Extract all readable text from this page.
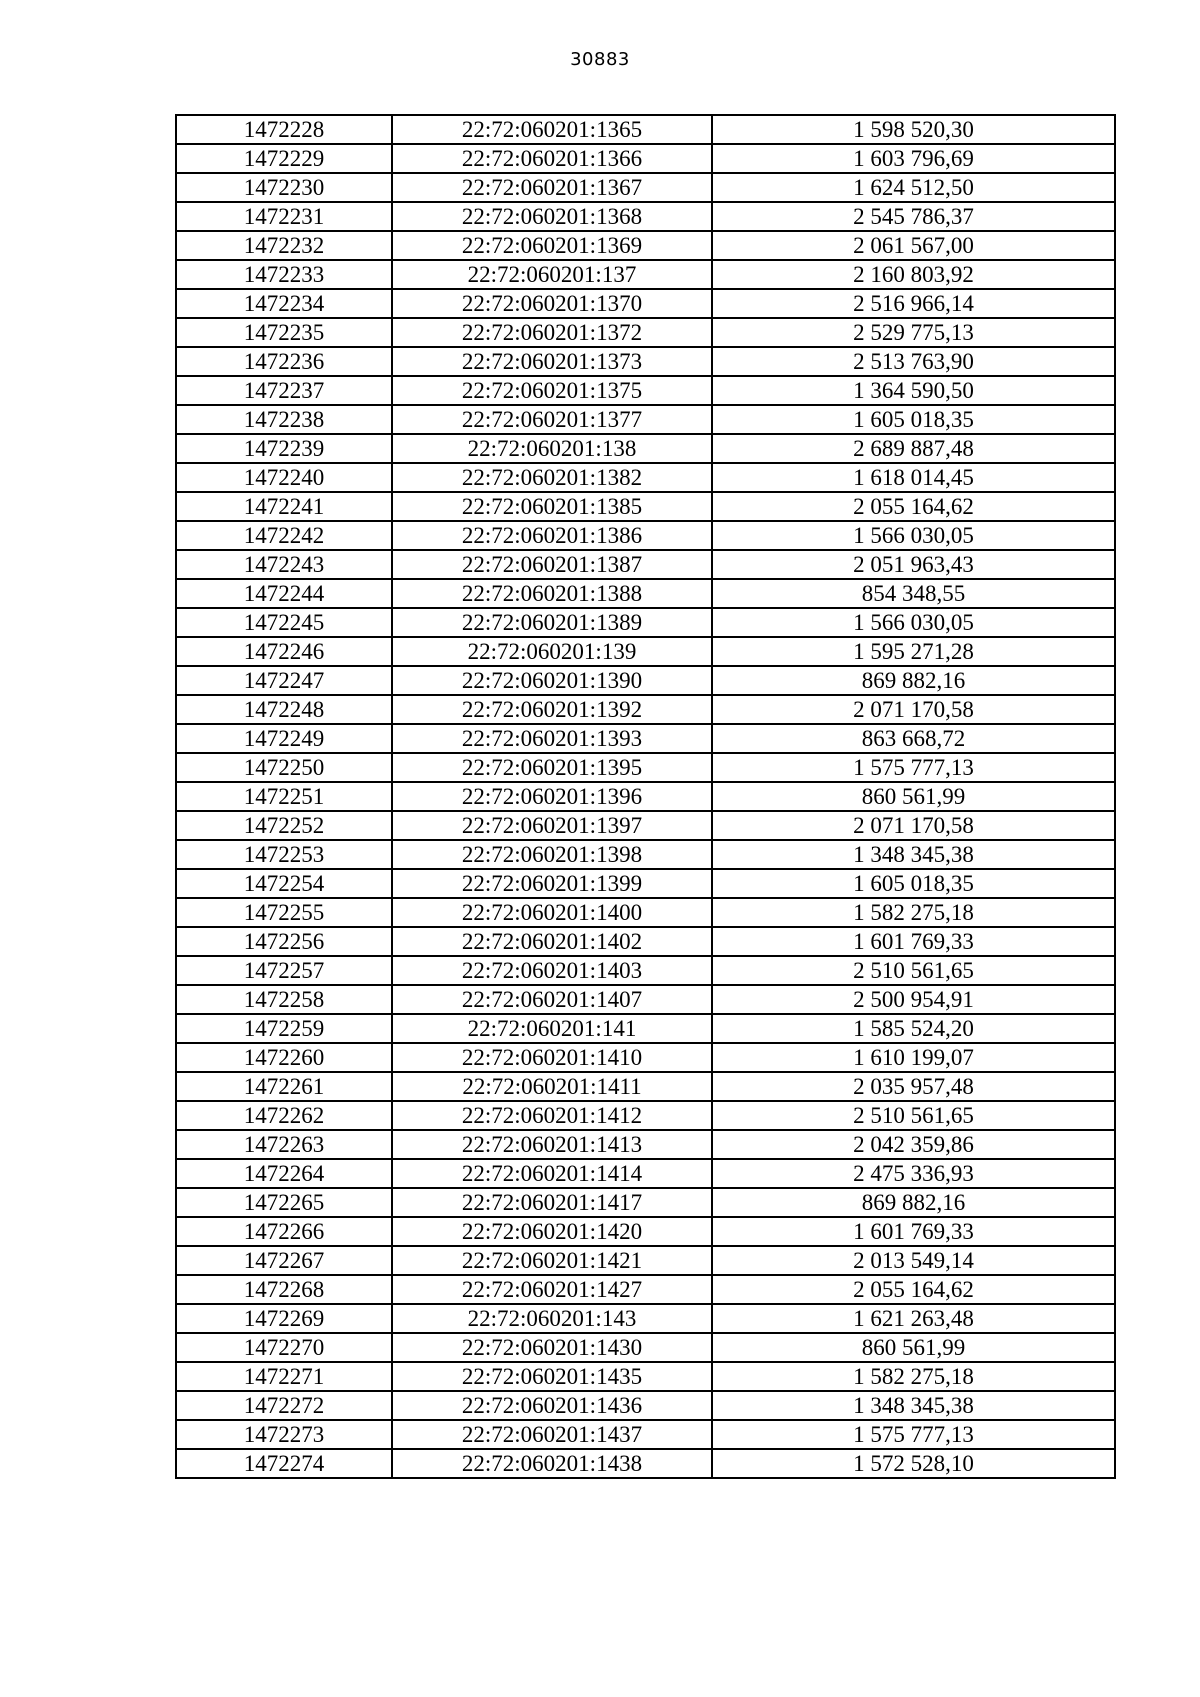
30883
1472228	22:72:060201:1365	1 598 520,30
1472229	22:72:060201:1366	1 603 796,69
1472230	22:72:060201:1367	1 624 512,50
1472231	22:72:060201:1368	2 545 786,37
1472232	22:72:060201:1369	2 061 567,00
1472233	22:72:060201:137	2 160 803,92
1472234	22:72:060201:1370	2 516 966,14
1472235	22:72:060201:1372	2 529 775,13
1472236	22:72:060201:1373	2 513 763,90
1472237	22:72:060201:1375	1 364 590,50
1472238	22:72:060201:1377	1 605 018,35
1472239	22:72:060201:138	2 689 887,48
1472240	22:72:060201:1382	1 618 014,45
1472241	22:72:060201:1385	2 055 164,62
1472242	22:72:060201:1386	1 566 030,05
1472243	22:72:060201:1387	2 051 963,43
1472244	22:72:060201:1388	854 348,55
1472245	22:72:060201:1389	1 566 030,05
1472246	22:72:060201:139	1 595 271,28
1472247	22:72:060201:1390	869 882,16
1472248	22:72:060201:1392	2 071 170,58
1472249	22:72:060201:1393	863 668,72
1472250	22:72:060201:1395	1 575 777,13
1472251	22:72:060201:1396	860 561,99
1472252	22:72:060201:1397	2 071 170,58
1472253	22:72:060201:1398	1 348 345,38
1472254	22:72:060201:1399	1 605 018,35
1472255	22:72:060201:1400	1 582 275,18
1472256	22:72:060201:1402	1 601 769,33
1472257	22:72:060201:1403	2 510 561,65
1472258	22:72:060201:1407	2 500 954,91
1472259	22:72:060201:141	1 585 524,20
1472260	22:72:060201:1410	1 610 199,07
1472261	22:72:060201:1411	2 035 957,48
1472262	22:72:060201:1412	2 510 561,65
1472263	22:72:060201:1413	2 042 359,86
1472264	22:72:060201:1414	2 475 336,93
1472265	22:72:060201:1417	869 882,16
1472266	22:72:060201:1420	1 601 769,33
1472267	22:72:060201:1421	2 013 549,14
1472268	22:72:060201:1427	2 055 164,62
1472269	22:72:060201:143	1 621 263,48
1472270	22:72:060201:1430	860 561,99
1472271	22:72:060201:1435	1 582 275,18
1472272	22:72:060201:1436	1 348 345,38
1472273	22:72:060201:1437	1 575 777,13
1472274	22:72:060201:1438	1 572 528,10
